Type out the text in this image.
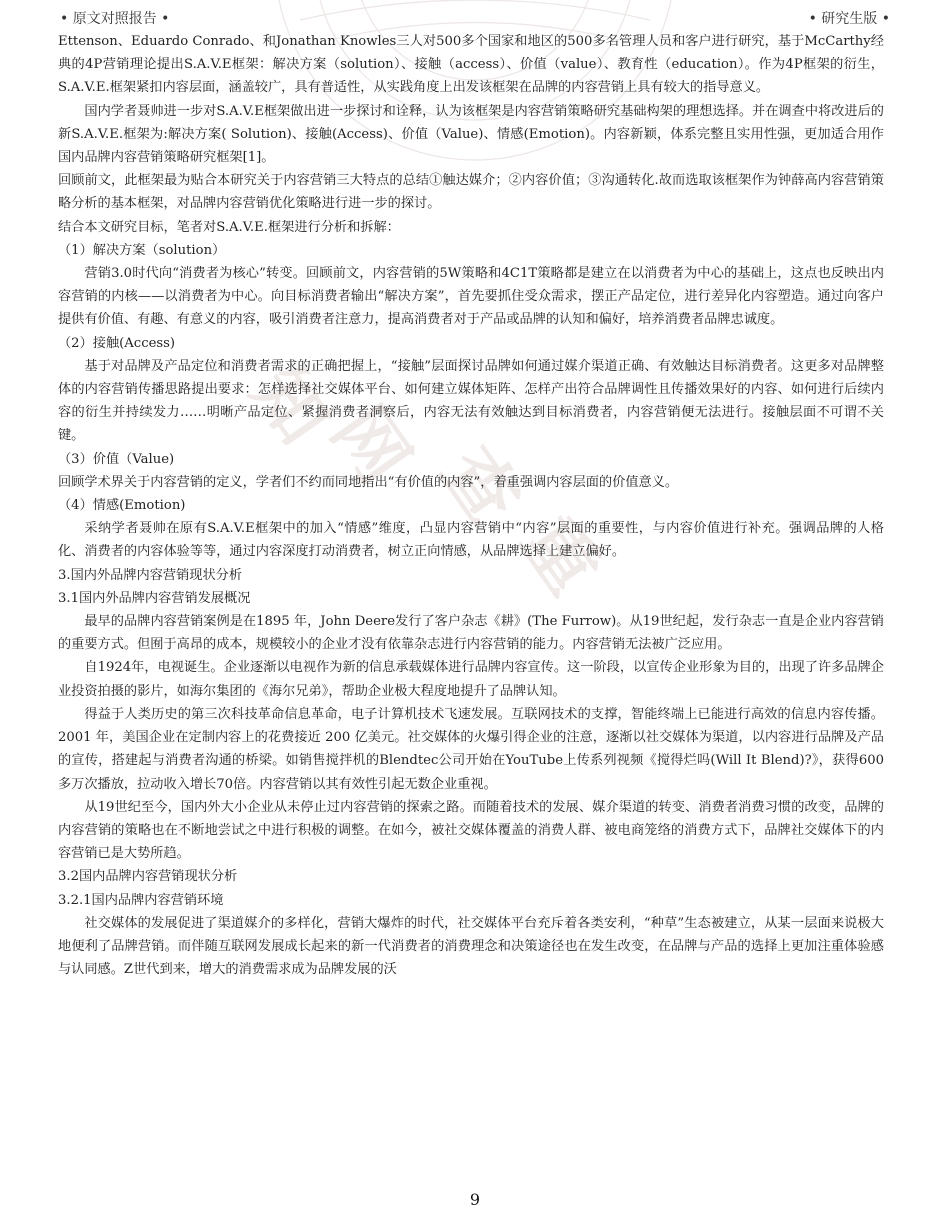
知
网 查
重
• 原文对照报告 •	• 研究生版 •

Ettenson、Eduardo Conrado、和Jonathan Knowles三人对500多个国家和地区的500多名管理人员和客户进行研究，基于McCarthy经典的4P营销理论提出S.A.V.E框架：解决方案（solution）、接触（access）、价值（value）、教育性（education）。作为4P框架的衍生，S.A.V.E.框架紧扣内容层面，涵盖较广，具有普适性，从实践角度上出发该框架在品牌的内容营销上具有较大的指导意义。

国内学者聂帅进一步对S.A.V.E框架做出进一步探讨和诠释，认为该框架是内容营销策略研究基础构架的理想选择。并在调查中将改进后的新S.A.V.E.框架为:解决方案( Solution)、接触(Access)、价值（Value)、情感(Emotion)。内容新颖，体系完整且实用性强，更加适合用作国内品牌内容营销策略研究框架[1]。

回顾前文，此框架最为贴合本研究关于内容营销三大特点的总结①触达媒介；②内容价值；③沟通转化.故而选取该框架作为钟薛高内容营销策略分析的基本框架，对品牌内容营销优化策略进行进一步的探讨。

结合本文研究目标，笔者对S.A.V.E.框架进行分析和拆解：

（1）解决方案（solution）

营销3.0时代向“消费者为核心”转变。回顾前文，内容营销的5W策略和4C1T策略都是建立在以消费者为中心的基础上，这点也反映出内容营销的内核——以消费者为中心。向目标消费者输出“解决方案”，首先要抓住受众需求，摆正产品定位，进行差异化内容塑造。通过向客户提供有价值、有趣、有意义的内容，吸引消费者注意力，提高消费者对于产品或品牌的认知和偏好，培养消费者品牌忠诚度。

（2）接触(Access)

基于对品牌及产品定位和消费者需求的正确把握上，“接触”层面探讨品牌如何通过媒介渠道正确、有效触达目标消费者。这更多对品牌整体的内容营销传播思路提出要求：怎样选择社交媒体平台、如何建立媒体矩阵、怎样产出符合品牌调性且传播效果好的内容、如何进行后续内容的衍生并持续发力……明晰产品定位、紧握消费者洞察后，内容无法有效触达到目标消费者，内容营销便无法进行。接触层面不可谓不关键。

（3）价值（Value)

回顾学术界关于内容营销的定义，学者们不约而同地指出“有价值的内容”，着重强调内容层面的价值意义。

（4）情感(Emotion)

采纳学者聂帅在原有S.A.V.E框架中的加入“情感”维度，凸显内容营销中“内容”层面的重要性，与内容价值进行补充。强调品牌的人格化、消费者的内容体验等等，通过内容深度打动消费者，树立正向情感，从品牌选择上建立偏好。

3.国内外品牌内容营销现状分析

3.1国内外品牌内容营销发展概况

最早的品牌内容营销案例是在1895 年，John Deere发行了客户杂志《耕》(The Furrow)。从19世纪起，发行杂志一直是企业内容营销的重要方式。但囿于高昂的成本，规模较小的企业才没有依靠杂志进行内容营销的能力。内容营销无法被广泛应用。

自1924年，电视诞生。企业逐渐以电视作为新的信息承载媒体进行品牌内容宣传。这一阶段，以宣传企业形象为目的，出现了许多品牌企业投资拍摄的影片，如海尔集团的《海尔兄弟》，帮助企业极大程度地提升了品牌认知。

得益于人类历史的第三次科技革命信息革命，电子计算机技术飞速发展。互联网技术的支撑，智能终端上已能进行高效的信息内容传播。2001 年，美国企业在定制内容上的花费接近 200 亿美元。社交媒体的火爆引得企业的注意，逐渐以社交媒体为渠道，以内容进行品牌及产品的宣传，搭建起与消费者沟通的桥梁。如销售搅拌机的Blendtec公司开始在YouTube上传系列视频《搅得烂吗(Will It Blend)?》，获得600多万次播放，拉动收入增长70倍。内容营销以其有效性引起无数企业重视。

从19世纪至今，国内外大小企业从未停止过内容营销的探索之路。而随着技术的发展、媒介渠道的转变、消费者消费习惯的改变，品牌的内容营销的策略也在不断地尝试之中进行积极的调整。在如今，被社交媒体覆盖的消费人群、被电商笼络的消费方式下，品牌社交媒体下的内容营销已是大势所趋。

3.2国内品牌内容营销现状分析

3.2.1国内品牌内容营销环境

社交媒体的发展促进了渠道媒介的多样化，营销大爆炸的时代，社交媒体平台充斥着各类安利，“种草”生态被建立，从某一层面来说极大地便利了品牌营销。而伴随互联网发展成长起来的新一代消费者的消费理念和决策途径也在发生改变，在品牌与产品的选择上更加注重体验感与认同感。Z世代到来，增大的消费需求成为品牌发展的沃

9
